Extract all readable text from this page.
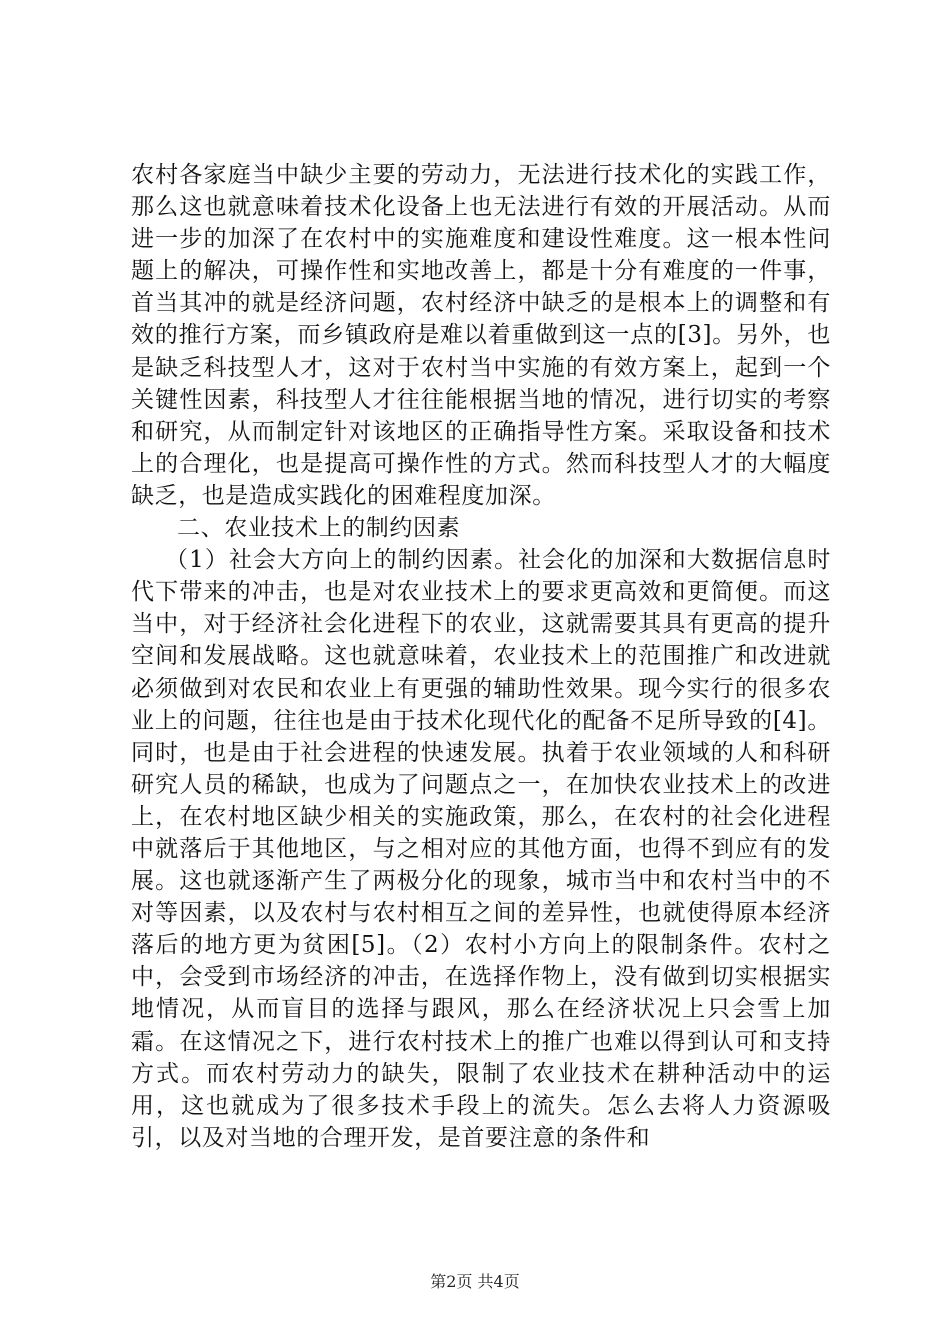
农村各家庭当中缺少主要的劳动力，无法进行技术化的实践工作，那么这也就意味着技术化设备上也无法进行有效的开展活动。从而进一步的加深了在农村中的实施难度和建设性难度。这一根本性问题上的解决，可操作性和实地改善上，都是十分有难度的一件事，首当其冲的就是经济问题，农村经济中缺乏的是根本上的调整和有效的推行方案，而乡镇政府是难以着重做到这一点的[3]。另外，也是缺乏科技型人才，这对于农村当中实施的有效方案上，起到一个关键性因素，科技型人才往往能根据当地的情况，进行切实的考察和研究，从而制定针对该地区的正确指导性方案。采取设备和技术上的合理化，也是提高可操作性的方式。然而科技型人才的大幅度缺乏，也是造成实践化的困难程度加深。

二、农业技术上的制约因素

（1）社会大方向上的制约因素。社会化的加深和大数据信息时代下带来的冲击，也是对农业技术上的要求更高效和更简便。而这当中，对于经济社会化进程下的农业，这就需要其具有更高的提升空间和发展战略。这也就意味着，农业技术上的范围推广和改进就必须做到对农民和农业上有更强的辅助性效果。现今实行的很多农业上的问题，往往也是由于技术化现代化的配备不足所导致的[4]。同时，也是由于社会进程的快速发展。执着于农业领域的人和科研研究人员的稀缺，也成为了问题点之一，在加快农业技术上的改进上，在农村地区缺少相关的实施政策，那么，在农村的社会化进程中就落后于其他地区，与之相对应的其他方面，也得不到应有的发展。这也就逐渐产生了两极分化的现象，城市当中和农村当中的不对等因素，以及农村与农村相互之间的差异性，也就使得原本经济落后的地方更为贫困[5]。（2）农村小方向上的限制条件。农村之中，会受到市场经济的冲击，在选择作物上，没有做到切实根据实地情况，从而盲目的选择与跟风，那么在经济状况上只会雪上加霜。在这情况之下，进行农村技术上的推广也难以得到认可和支持方式。而农村劳动力的缺失，限制了农业技术在耕种活动中的运用，这也就成为了很多技术手段上的流失。怎么去将人力资源吸引，以及对当地的合理开发，是首要注意的条件和

第2页 共4页
